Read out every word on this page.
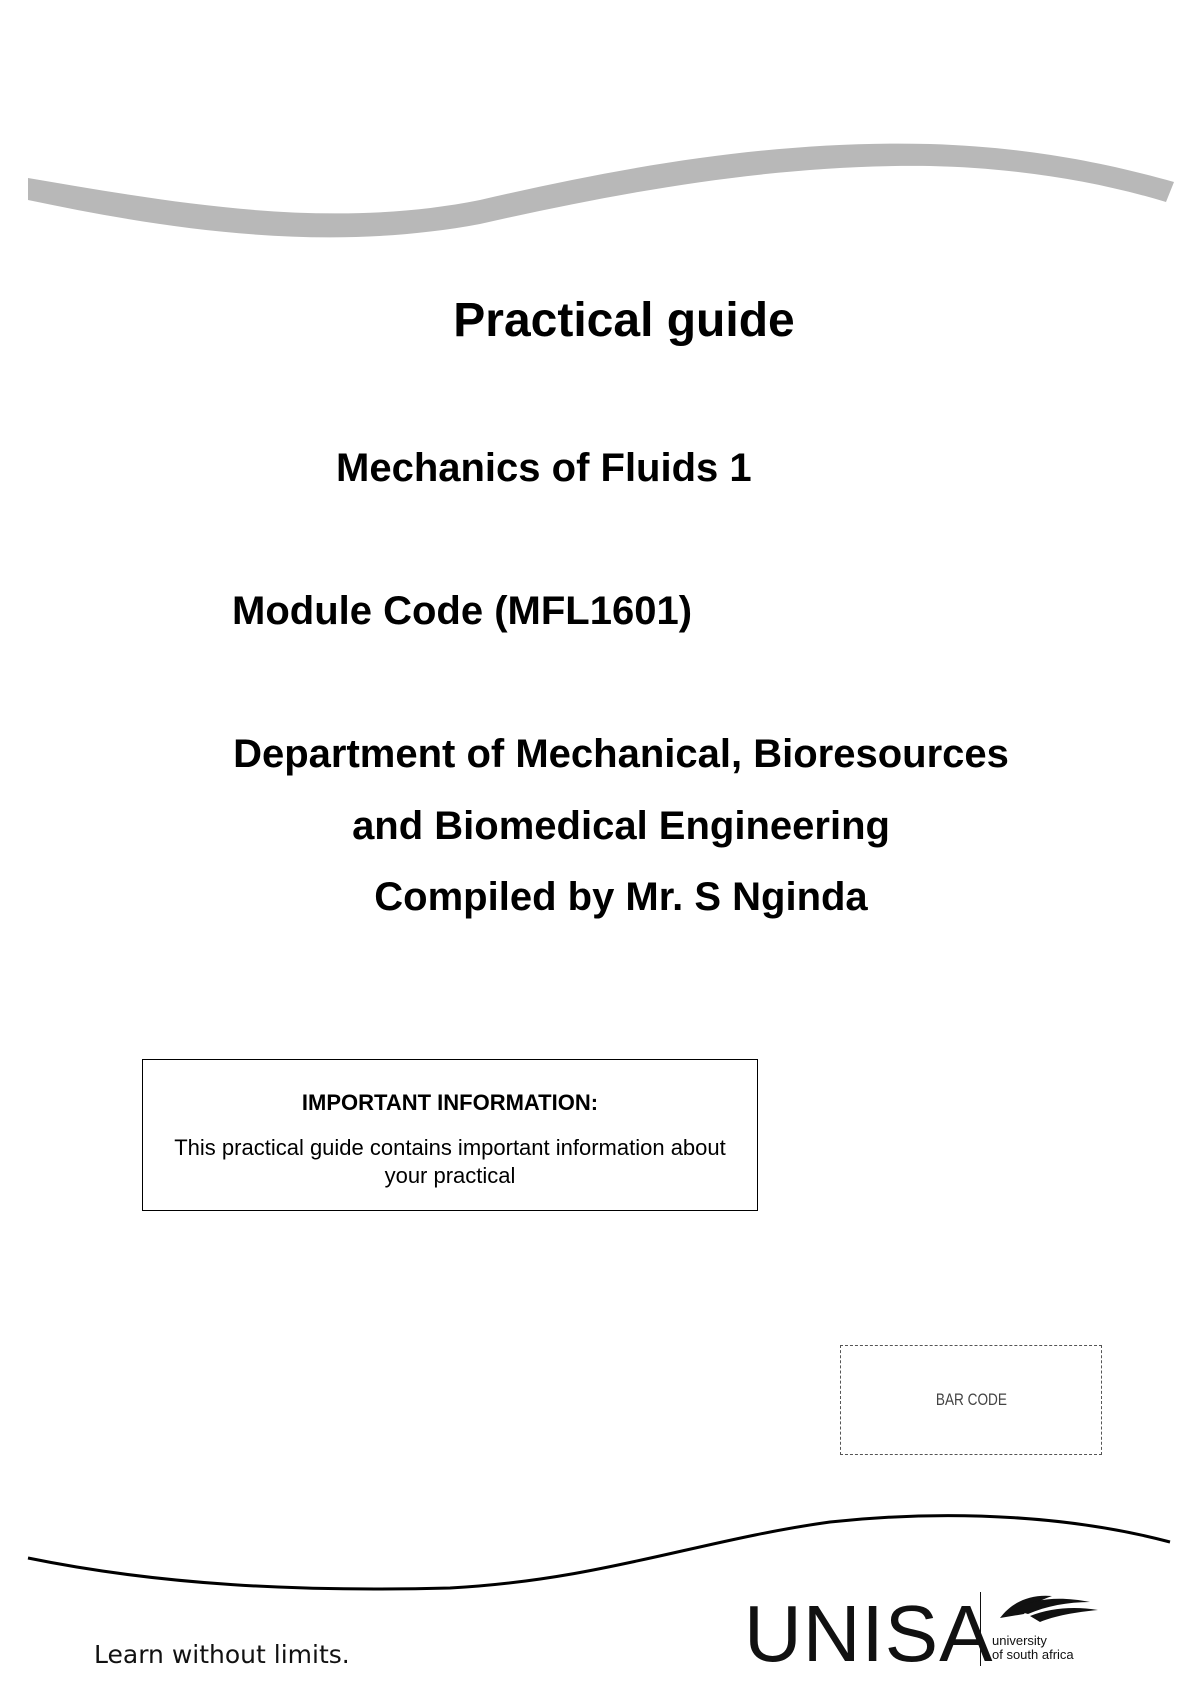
Practical guide
Mechanics of Fluids 1
Module Code (MFL1601)
Department of Mechanical, Bioresources
and Biomedical Engineering
Compiled by Mr. S Nginda
IMPORTANT INFORMATION:
This practical guide contains important information about your practical
BAR CODE
Learn without limits.	UNISA
university
of south africa
